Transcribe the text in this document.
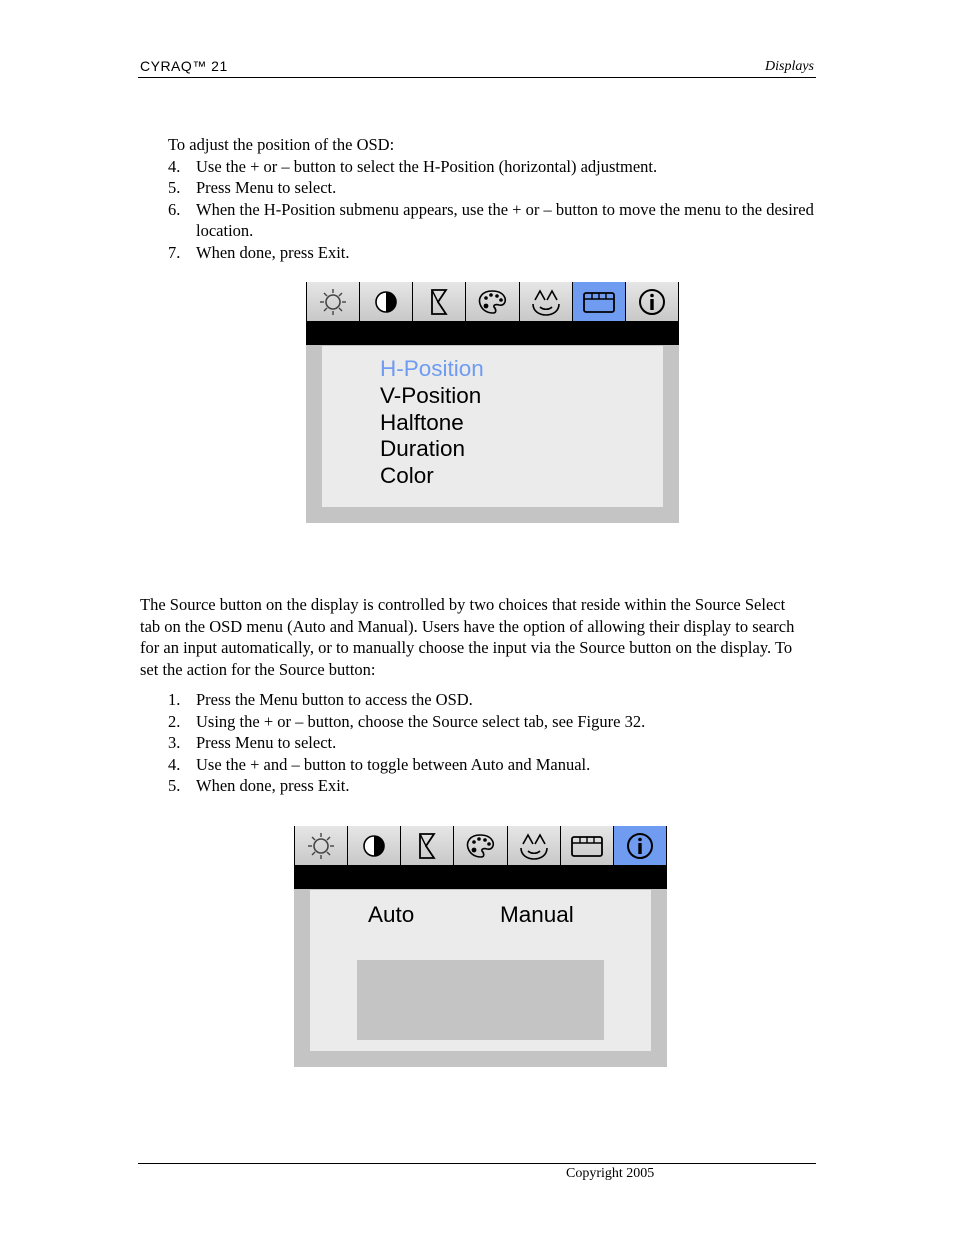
CYRAQ™ 21	Displays
To adjust the position of the OSD:
4. Use the + or – button to select the H-Position (horizontal) adjustment.
5. Press Menu to select.
6. When the H-Position submenu appears, use the + or – button to move the menu to the desired location.
7. When done, press Exit.
H-Position
V-Position
Halftone
Duration
Color
The Source button on the display is controlled by two choices that reside within the Source Select tab on the OSD menu (Auto and Manual). Users have the option of allowing their display to search for an input automatically, or to manually choose the input via the Source button on the display. To set the action for the Source button:
1. Press the Menu button to access the OSD.
2. Using the + or – button, choose the Source select tab, see Figure 32.
3. Press Menu to select.
4. Use the + and – button to toggle between Auto and Manual.
5. When done, press Exit.
Auto	Manual
Copyright 2005
